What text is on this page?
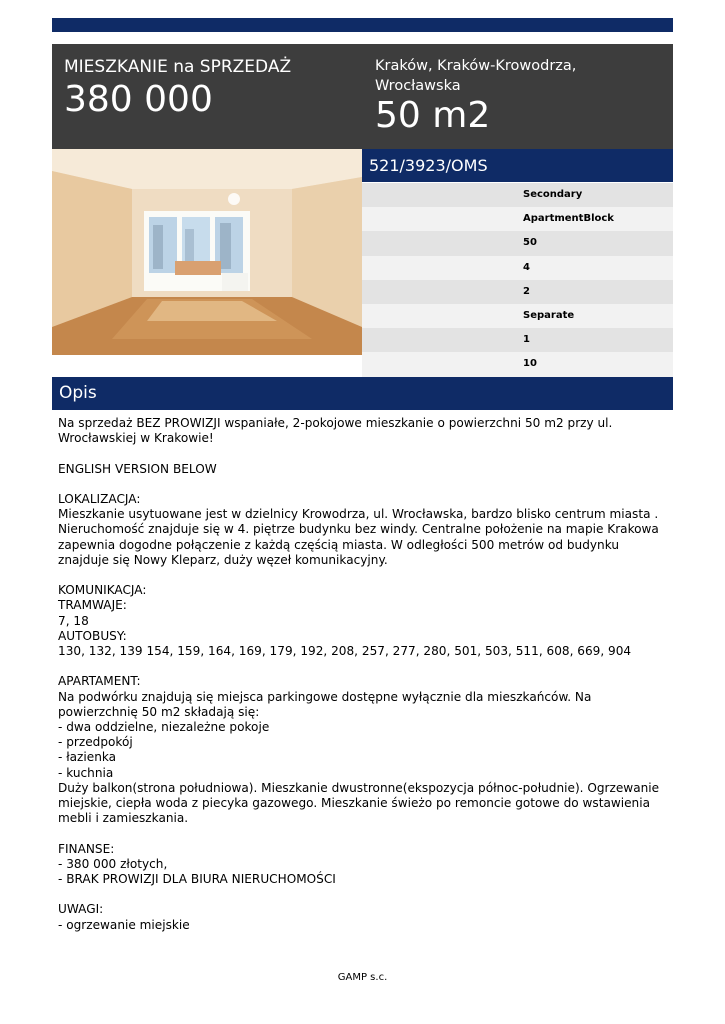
MIESZKANIE na SPRZEDAŻ
380 000
Kraków, Kraków-Krowodrza, Wrocławska
50 m2
521/3923/OMS
Secondary
ApartmentBlock
50
4
2
Separate
1
10
Opis
Na sprzedaż BEZ PROWIZJI wspaniałe, 2-pokojowe mieszkanie o powierzchni 50 m2 przy ul.
Wrocławskiej w Krakowie!
ENGLISH VERSION BELOW
LOKALIZACJA:
Mieszkanie usytuowane jest w dzielnicy Krowodrza, ul. Wrocławska, bardzo blisko centrum miasta .
Nieruchomość znajduje się w 4. piętrze budynku bez windy. Centralne położenie na mapie Krakowa
zapewnia dogodne połączenie z każdą częścią miasta. W odległości 500 metrów od budynku
znajduje się Nowy Kleparz, duży węzeł komunikacyjny.
KOMUNIKACJA:
TRAMWAJE:
7, 18
AUTOBUSY:
130, 132, 139 154, 159, 164, 169, 179, 192, 208, 257, 277, 280, 501, 503, 511, 608, 669, 904
APARTAMENT:
Na podwórku znajdują się miejsca parkingowe dostępne wyłącznie dla mieszkańców. Na
powierzchnię 50 m2 składają się:
- dwa oddzielne, niezależne pokoje
- przedpokój
- łazienka
- kuchnia
Duży balkon(strona południowa). Mieszkanie dwustronne(ekspozycja północ-południe). Ogrzewanie
miejskie, ciepła woda z piecyka gazowego. Mieszkanie świeżo po remoncie gotowe do wstawienia
mebli i zamieszkania.
FINANSE:
- 380 000 złotych,
- BRAK PROWIZJI DLA BIURA NIERUCHOMOŚCI
UWAGI:
- ogrzewanie miejskie
GAMP s.c.
